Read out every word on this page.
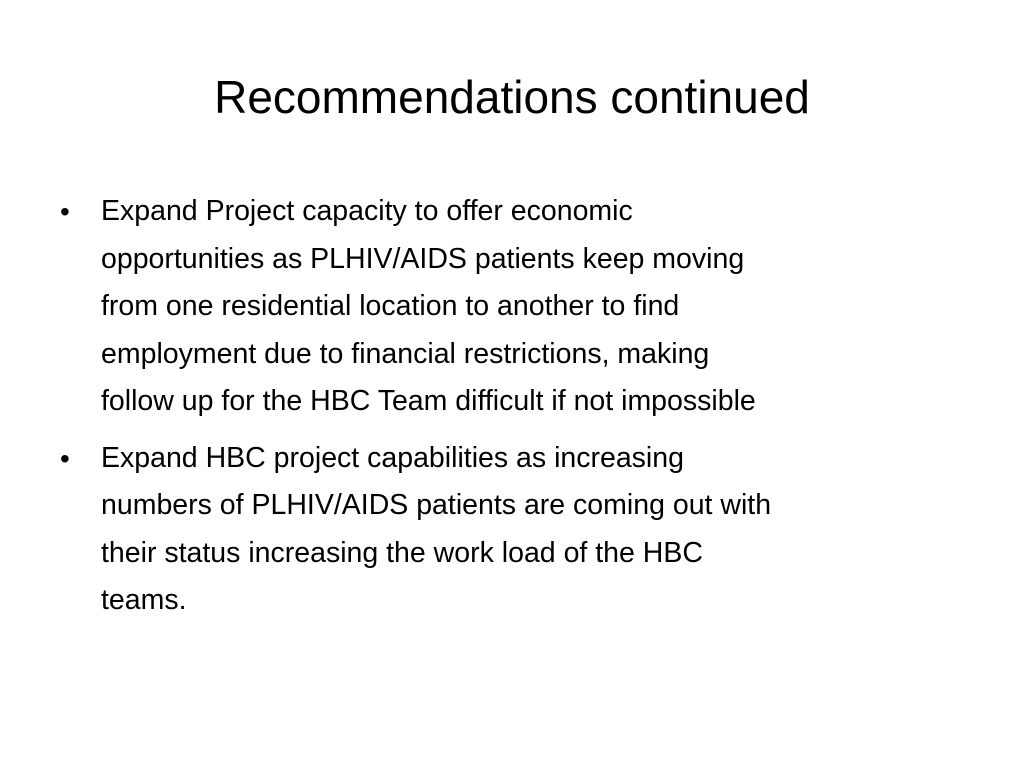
Recommendations continued
•	Expand Project capacity to offer economic
opportunities as PLHIV/AIDS patients keep moving
from one residential location to another to find
employment due to financial restrictions, making
follow up for the HBC Team difficult if not impossible
•	Expand HBC project capabilities as increasing
numbers of PLHIV/AIDS patients are coming out with
their status increasing the work load of the HBC
teams.
